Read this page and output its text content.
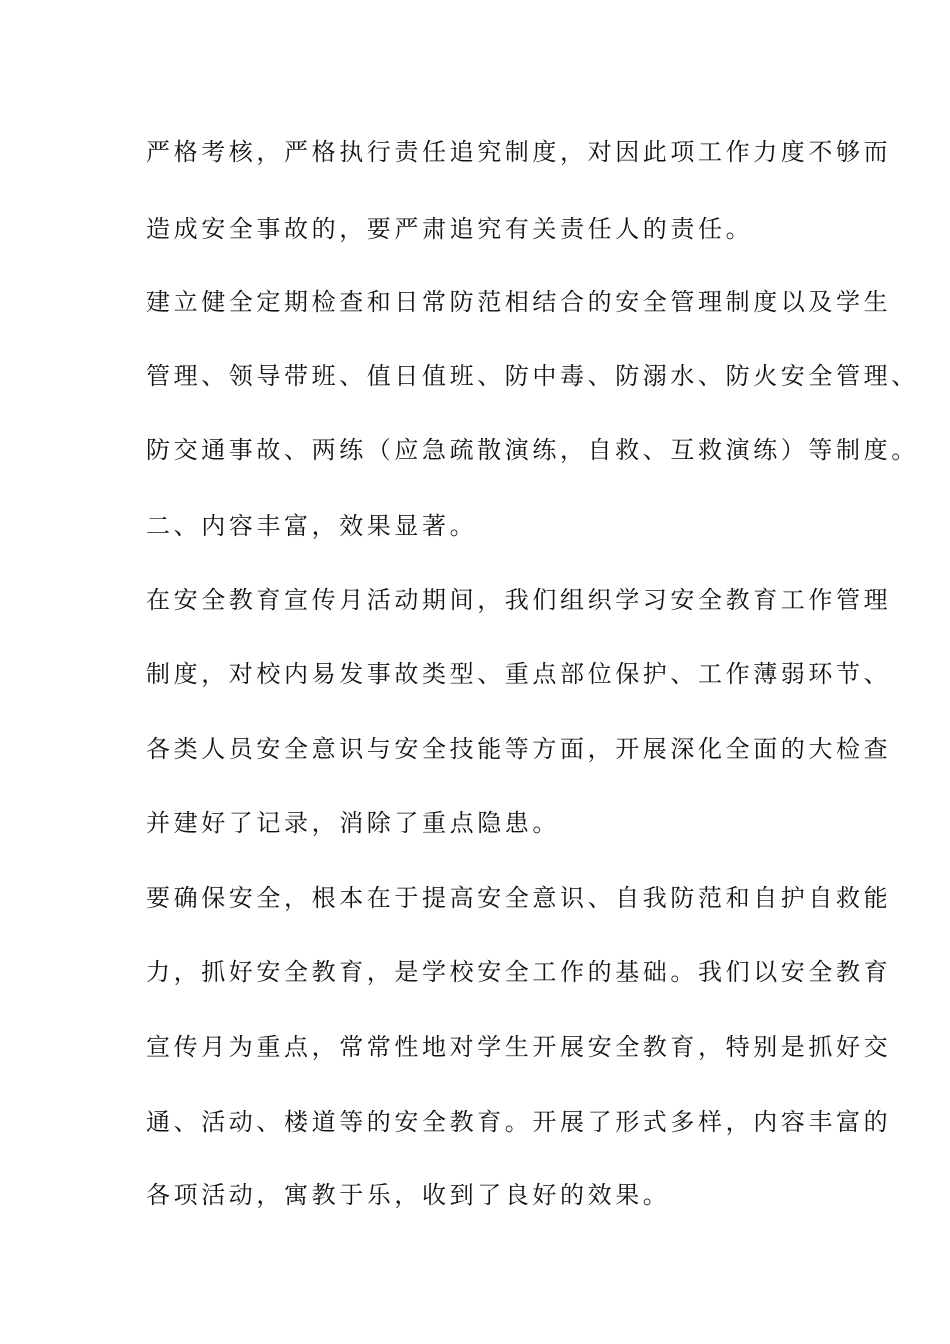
严格考核，严格执行责任追究制度，对因此项工作力度不够而
造成安全事故的，要严肃追究有关责任人的责任。
建立健全定期检查和日常防范相结合的安全管理制度以及学生
管理、领导带班、值日值班、防中毒、防溺水、防火安全管理、
防交通事故、两练（应急疏散演练，自救、互救演练）等制度。
二、内容丰富，效果显著。
在安全教育宣传月活动期间，我们组织学习安全教育工作管理
制度，对校内易发事故类型、重点部位保护、工作薄弱环节、
各类人员安全意识与安全技能等方面，开展深化全面的大检查
并建好了记录，消除了重点隐患。
要确保安全，根本在于提高安全意识、自我防范和自护自救能
力，抓好安全教育，是学校安全工作的基础。我们以安全教育
宣传月为重点，常常性地对学生开展安全教育，特别是抓好交
通、活动、楼道等的安全教育。开展了形式多样，内容丰富的
各项活动，寓教于乐，收到了良好的效果。
